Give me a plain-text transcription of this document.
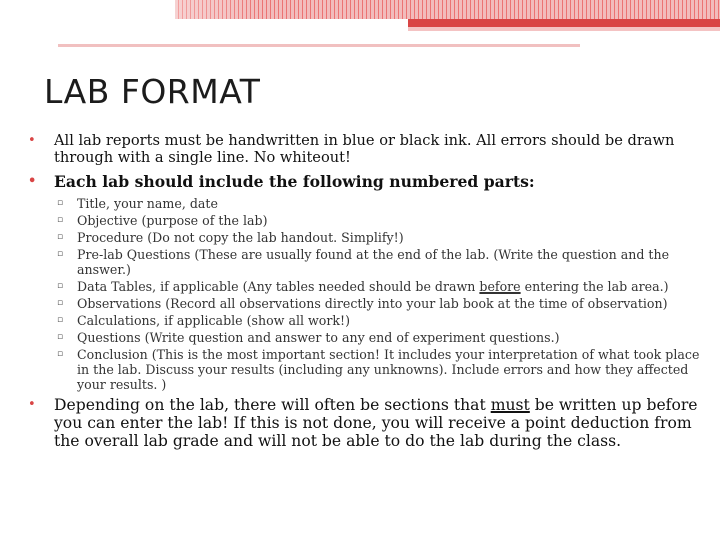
LAB FORMAT

• All lab reports must be handwritten in blue or black ink. All errors should be drawn through with a single line. No whiteout!

• Each lab should include the following numbered parts:

▫ Title, your name, date
▫ Objective (purpose of the lab)
▫ Procedure (Do not copy the lab handout. Simplify!)
▫ Pre-lab Questions (These are usually found at the end of the lab. (Write the question and the answer.)
▫ Data Tables, if applicable (Any tables needed should be drawn before entering the lab area.)
▫ Observations (Record all observations directly into your lab book at the time of observation)
▫ Calculations, if applicable (show all work!)
▫ Questions (Write question and answer to any end of experiment questions.)
▫ Conclusion (This is the most important section! It includes your interpretation of what took place in the lab. Discuss your results (including any unknowns). Include errors and how they affected your results. )

• Depending on the lab, there will often be sections that must be written up before you can enter the lab! If this is not done, you will receive a point deduction from the overall lab grade and will not be able to do the lab during the class.
